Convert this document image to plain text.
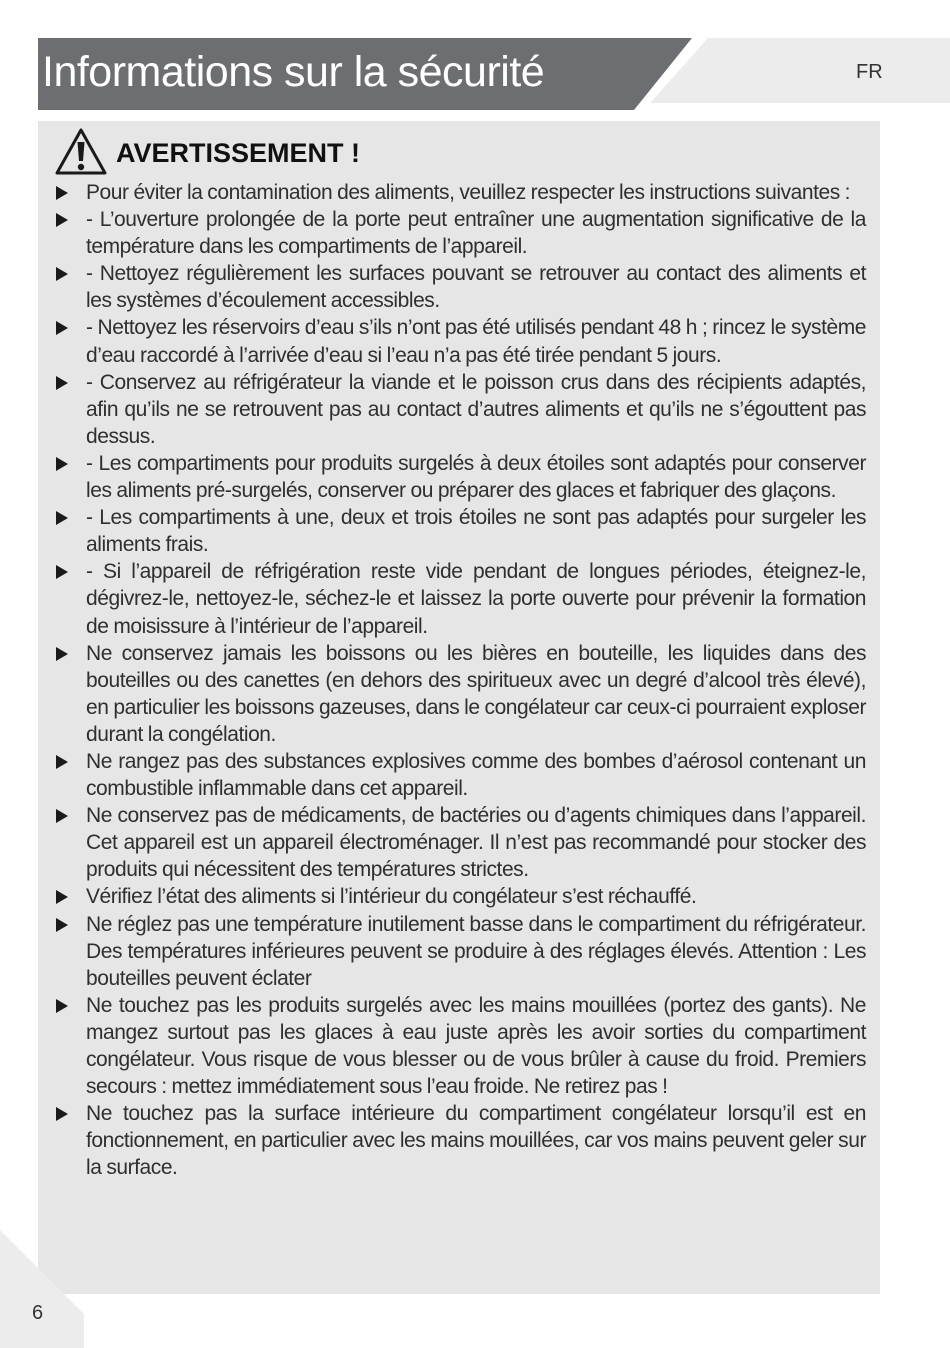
Informations sur la sécurité	FR
AVERTISSEMENT !
Pour éviter la contamination des aliments, veuillez respecter les instructions suivantes :
- L’ouverture prolongée de la porte peut entraîner une augmentation significative de la température dans les compartiments de l’appareil.
- Nettoyez régulièrement les surfaces pouvant se retrouver au contact des aliments et les systèmes d’écoulement accessibles.
- Nettoyez les réservoirs d’eau s’ils n’ont pas été utilisés pendant 48 h ; rincez le système d’eau raccordé à l’arrivée d’eau si l’eau n’a pas été tirée pendant 5 jours.
- Conservez au réfrigérateur la viande et le poisson crus dans des récipients adaptés, afin qu’ils ne se retrouvent pas au contact d’autres aliments et qu’ils ne s’égouttent pas dessus.
- Les compartiments pour produits surgelés à deux étoiles sont adaptés pour conserver les aliments pré-surgelés, conserver ou préparer des glaces et fabriquer des glaçons.
- Les compartiments à une, deux et trois étoiles ne sont pas adaptés pour surgeler les aliments frais.
- Si l’appareil de réfrigération reste vide pendant de longues périodes, éteignez-le, dégivrez-le, nettoyez-le, séchez-le et laissez la porte ouverte pour prévenir la formation de moisissure à l’intérieur de l’appareil.
Ne conservez jamais les boissons ou les bières en bouteille, les liquides dans des bouteilles ou des canettes (en dehors des spiritueux avec un degré d’alcool très élevé), en particulier les boissons gazeuses, dans le congélateur car ceux-ci pourraient exploser durant la congélation.
Ne rangez pas des substances explosives comme des bombes d’aérosol contenant un combustible inflammable dans cet appareil.
Ne conservez pas de médicaments, de bactéries ou d’agents chimiques dans l’appareil. Cet appareil est un appareil électroménager. Il n’est pas recommandé pour stocker des produits qui nécessitent des températures strictes.
Vérifiez l’état des aliments si l’intérieur du congélateur s’est réchauffé.
Ne réglez pas une température inutilement basse dans le compartiment du réfrigérateur. Des températures inférieures peuvent se produire à des réglages élevés. Attention : Les bouteilles peuvent éclater
Ne touchez pas les produits surgelés avec les mains mouillées (portez des gants). Ne mangez surtout pas les glaces à eau juste après les avoir sorties du compartiment congélateur. Vous risque de vous blesser ou de vous brûler à cause du froid. Premiers secours : mettez immédiatement sous l’eau froide. Ne retirez pas !
Ne touchez pas la surface intérieure du compartiment congélateur lorsqu’il est en fonctionnement, en particulier avec les mains mouillées, car vos mains peuvent geler sur la surface.
6
